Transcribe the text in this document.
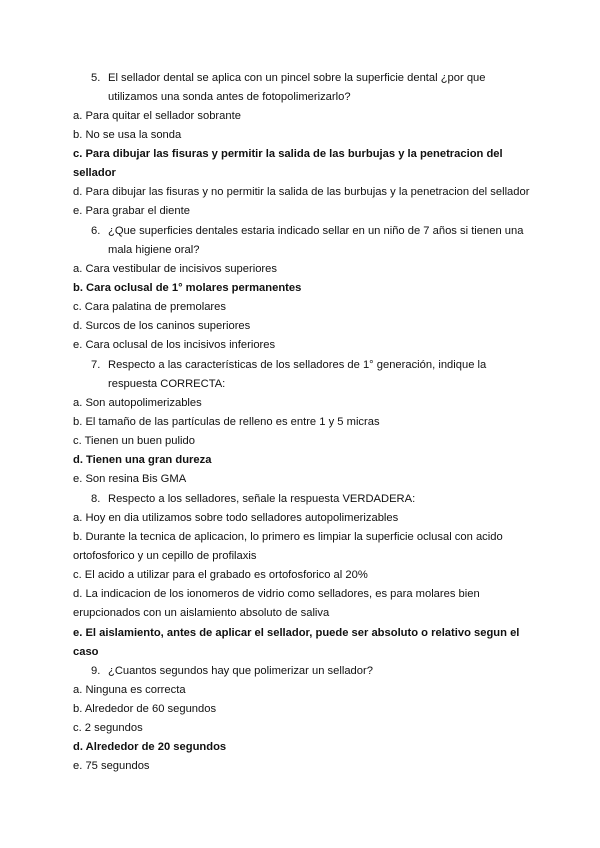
5. El sellador dental se aplica con un pincel sobre la superficie dental ¿por que
utilizamos una sonda antes de fotopolimerizarlo?
a. Para quitar el sellador sobrante
b. No se usa la sonda
c. Para dibujar las fisuras y permitir la salida de las burbujas y la penetracion del
sellador
d. Para dibujar las fisuras y no permitir la salida de las burbujas y la penetracion del sellador
e. Para grabar el diente
6. ¿Que superficies dentales estaria indicado sellar en un niño de 7 años si tienen una
mala higiene oral?
a. Cara vestibular de incisivos superiores
b. Cara oclusal de 1° molares permanentes
c. Cara palatina de premolares
d. Surcos de los caninos superiores
e. Cara oclusal de los incisivos inferiores
7. Respecto a las características de los selladores de 1° generación, indique la
respuesta CORRECTA:
a. Son autopolimerizables
b. El tamaño de las partículas de relleno es entre 1 y 5 micras
c. Tienen un buen pulido
d. Tienen una gran dureza
e. Son resina Bis GMA
8. Respecto a los selladores, señale la respuesta VERDADERA:
a. Hoy en dia utilizamos sobre todo selladores autopolimerizables
b. Durante la tecnica de aplicacion, lo primero es limpiar la superficie oclusal con acido
ortofosforico y un cepillo de profilaxis
c. El acido a utilizar para el grabado es ortofosforico al 20%
d. La indicacion de los ionomeros de vidrio como selladores, es para molares bien
erupcionados con un aislamiento absoluto de saliva
e. El aislamiento, antes de aplicar el sellador, puede ser absoluto o relativo segun el
caso
9. ¿Cuantos segundos hay que polimerizar un sellador?
a. Ninguna es correcta
b. Alrededor de 60 segundos
c. 2 segundos
d. Alrededor de 20 segundos
e. 75 segundos
